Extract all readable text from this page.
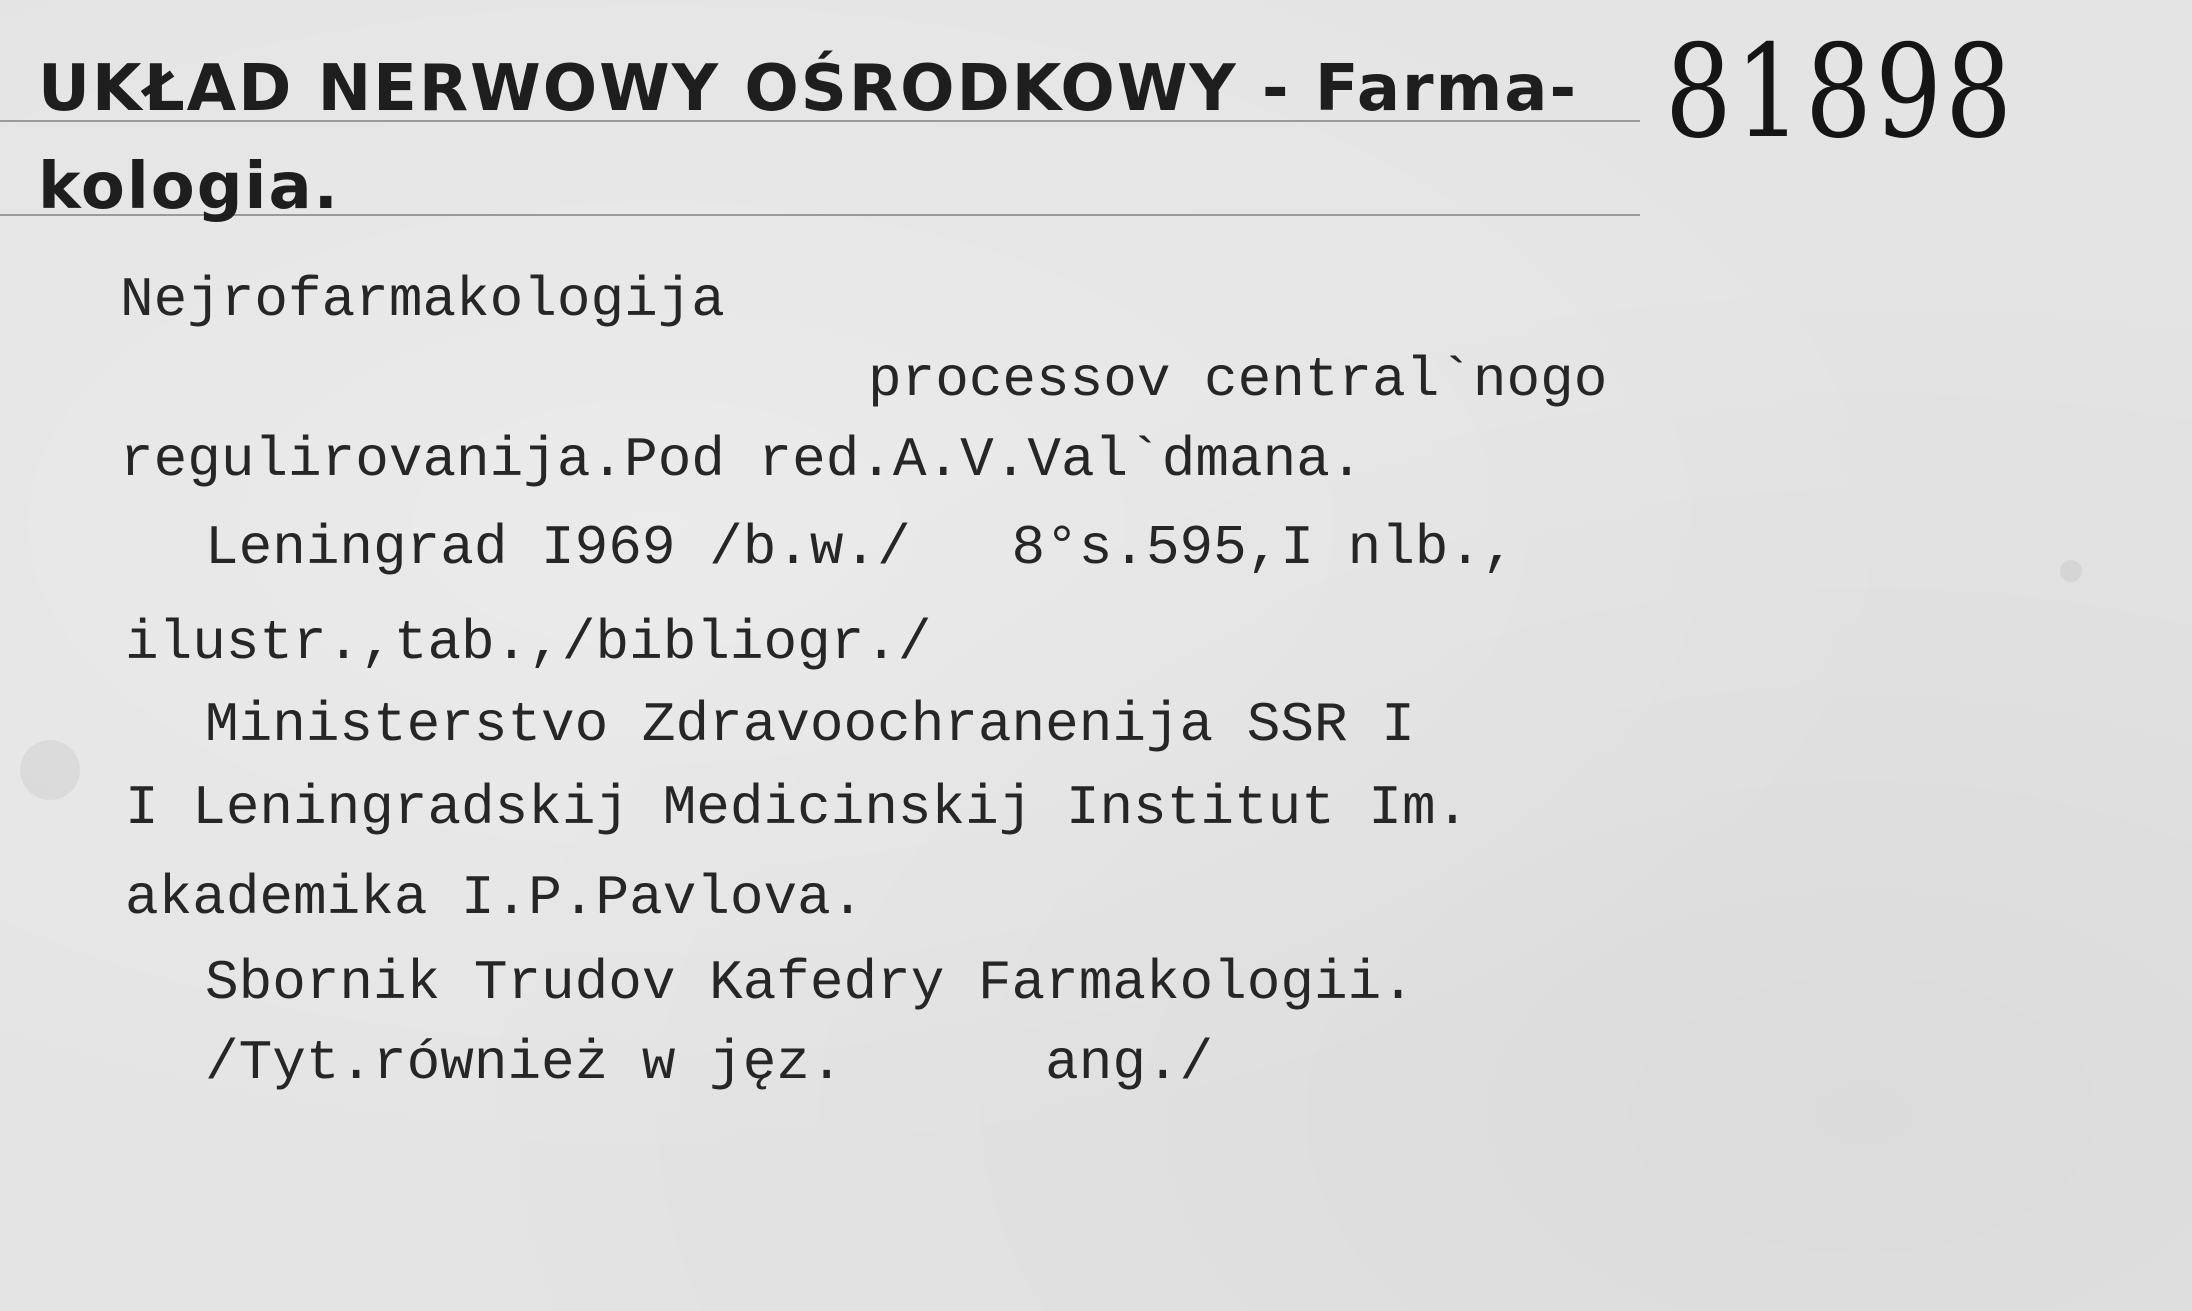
UKŁAD NERWOWY OŚRODKOWY - Farma-
kologia.
81898
Nejrofarmakologija
processov central`nogo
regulirovanija.Pod red.A.V.Val`dmana.
Leningrad I969 /b.w./   8°s.595,I nlb.,
ilustr.,tab.,/bibliogr./
Ministerstvo Zdravoochranenija SSR I
I Leningradskij Medicinskij Institut Im.
akademika I.P.Pavlova.
Sbornik Trudov Kafedry Farmakologii.
/Tyt.również w jęz.      ang./
